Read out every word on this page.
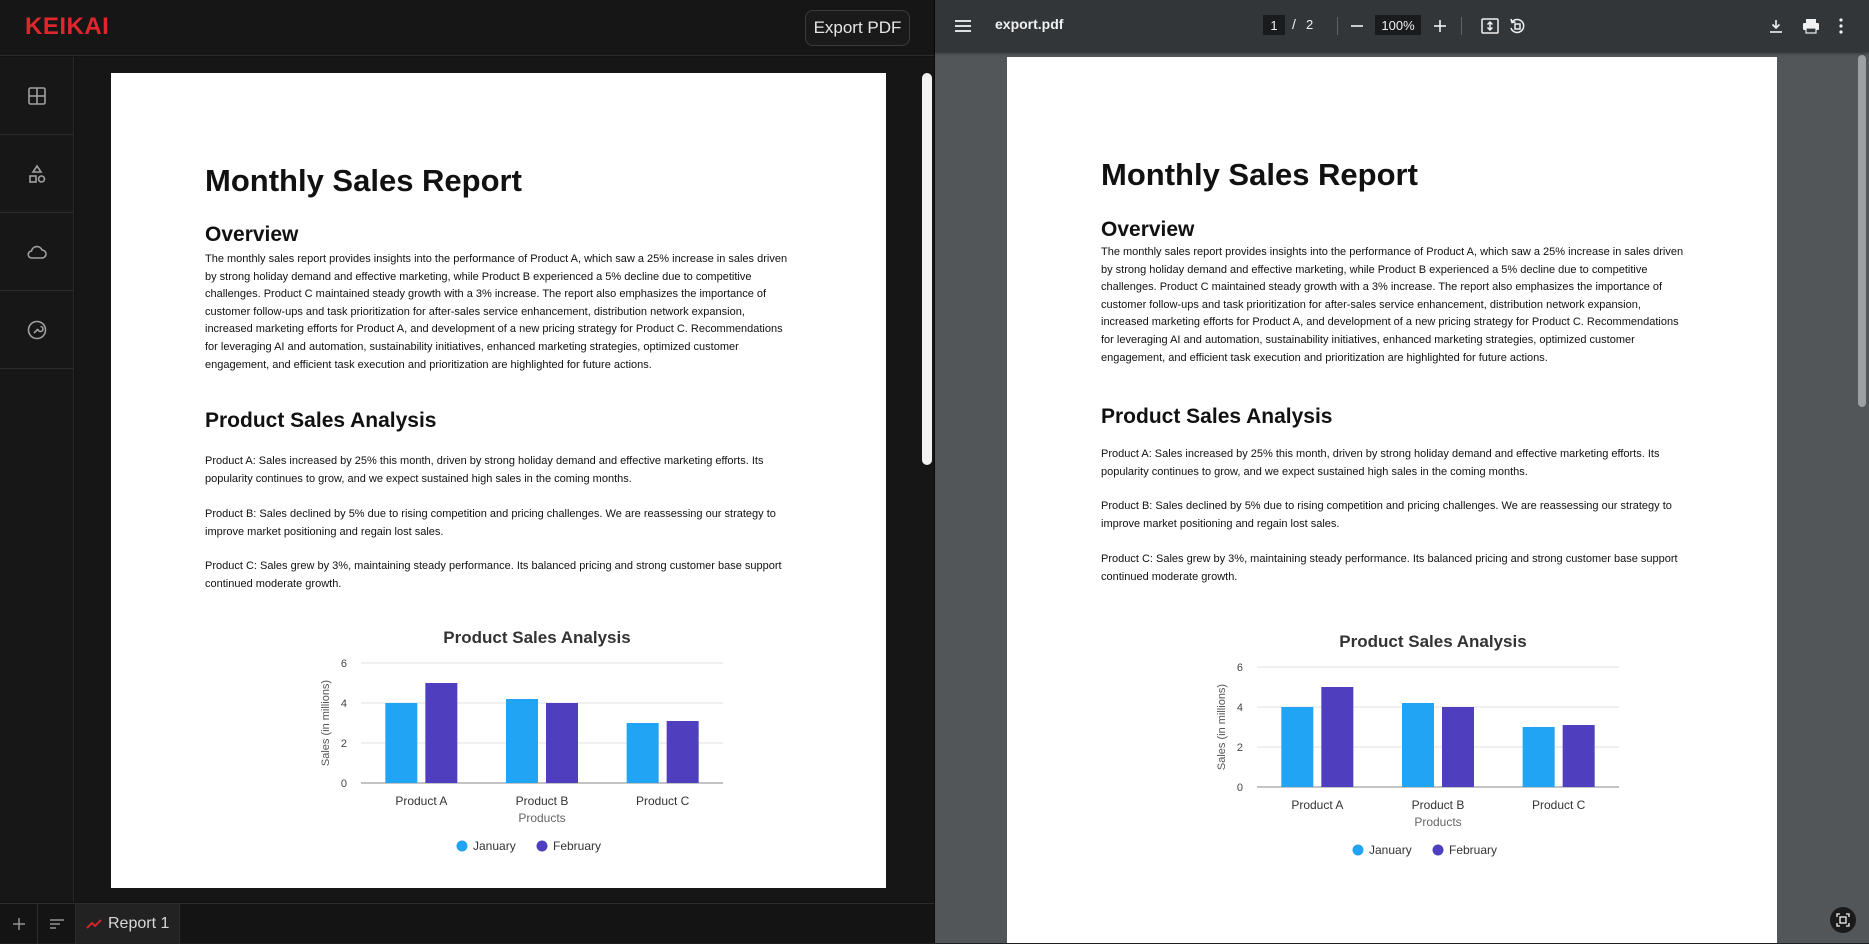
KEIKAI	Export PDF
Monthly Sales Report
Overview
The monthly sales report provides insights into the performance of Product A, which saw a 25% increase in sales driven by strong holiday demand and effective marketing, while Product B experienced a 5% decline due to competitive challenges. Product C maintained steady growth with a 3% increase. The report also emphasizes the importance of customer follow-ups and task prioritization for after-sales service enhancement, distribution network expansion, increased marketing efforts for Product A, and development of a new pricing strategy for Product C. Recommendations for leveraging AI and automation, sustainability initiatives, enhanced marketing strategies, optimized customer engagement, and efficient task execution and prioritization are highlighted for future actions.
Product Sales Analysis
Product A: Sales increased by 25% this month, driven by strong holiday demand and effective marketing efforts. Its popularity continues to grow, and we expect sustained high sales in the coming months.
Product B: Sales declined by 5% due to rising competition and pricing challenges. We are reassessing our strategy to improve market positioning and regain lost sales.
Product C: Sales grew by 3%, maintaining steady performance. Its balanced pricing and strong customer base support continued moderate growth.
Product Sales Analysis
0
2
4
6
Sales (in millions)
Product A	Product B	Product C
Products
January	February
Report 1
export.pdf	1	/ 2	100%
Monthly Sales Report
Overview
The monthly sales report provides insights into the performance of Product A, which saw a 25% increase in sales driven by strong holiday demand and effective marketing, while Product B experienced a 5% decline due to competitive challenges. Product C maintained steady growth with a 3% increase. The report also emphasizes the importance of customer follow-ups and task prioritization for after-sales service enhancement, distribution network expansion, increased marketing efforts for Product A, and development of a new pricing strategy for Product C. Recommendations for leveraging AI and automation, sustainability initiatives, enhanced marketing strategies, optimized customer engagement, and efficient task execution and prioritization are highlighted for future actions.
Product Sales Analysis
Product A: Sales increased by 25% this month, driven by strong holiday demand and effective marketing efforts. Its popularity continues to grow, and we expect sustained high sales in the coming months.
Product B: Sales declined by 5% due to rising competition and pricing challenges. We are reassessing our strategy to improve market positioning and regain lost sales.
Product C: Sales grew by 3%, maintaining steady performance. Its balanced pricing and strong customer base support continued moderate growth.
Product Sales Analysis
0
2
4
6
Sales (in millions)
Product A	Product B	Product C
Products
January	February
